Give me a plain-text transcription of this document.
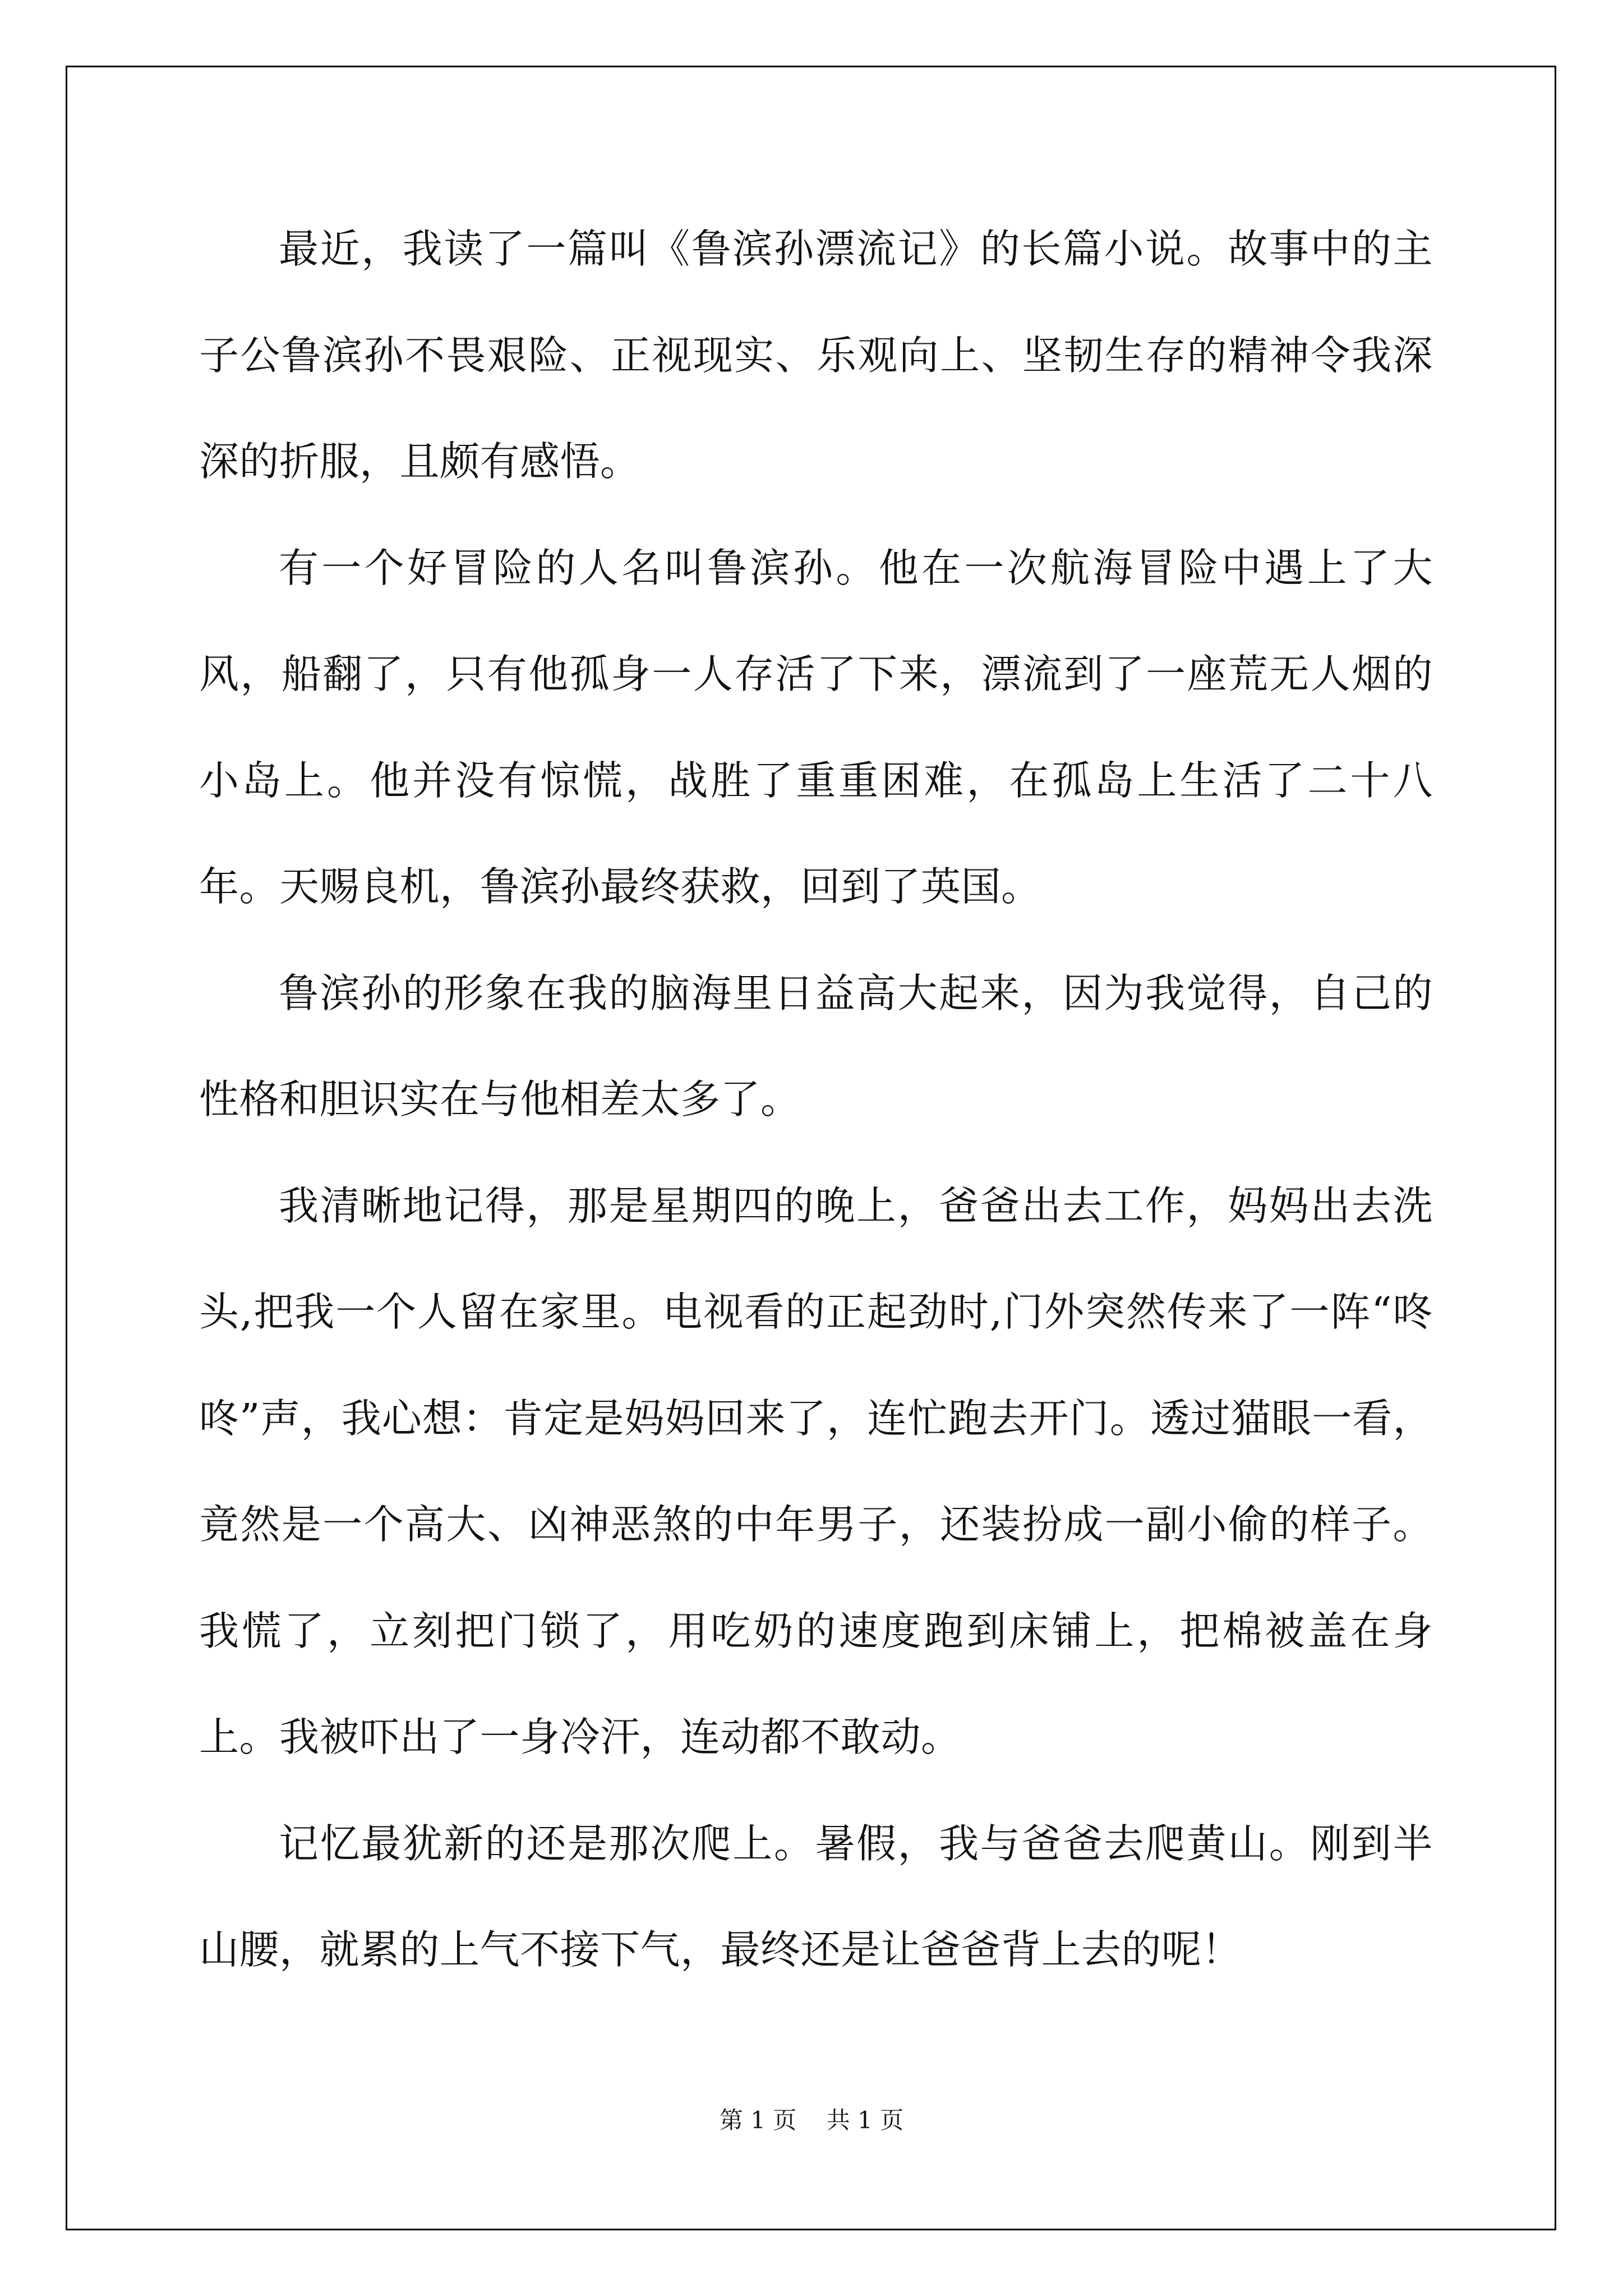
最近，我读了一篇叫《鲁滨孙漂流记》的长篇小说。故事中的主子公鲁滨孙不畏艰险、正视现实、乐观向上、坚韧生存的精神令我深深的折服，且颇有感悟。

有一个好冒险的人名叫鲁滨孙。他在一次航海冒险中遇上了大风，船翻了，只有他孤身一人存活了下来，漂流到了一座荒无人烟的小岛上。他并没有惊慌，战胜了重重困难，在孤岛上生活了二十八年。天赐良机，鲁滨孙最终获救，回到了英国。

鲁滨孙的形象在我的脑海里日益高大起来，因为我觉得，自己的性格和胆识实在与他相差太多了。

我清晰地记得，那是星期四的晚上，爸爸出去工作，妈妈出去洗头,把我一个人留在家里。电视看的正起劲时,门外突然传来了一阵“咚咚”声，我心想：肯定是妈妈回来了，连忙跑去开门。透过猫眼一看，竟然是一个高大、凶神恶煞的中年男子，还装扮成一副小偷的样子。我慌了，立刻把门锁了，用吃奶的速度跑到床铺上，把棉被盖在身上。我被吓出了一身冷汗，连动都不敢动。

记忆最犹新的还是那次爬上。暑假，我与爸爸去爬黄山。刚到半山腰，就累的上气不接下气，最终还是让爸爸背上去的呢！

第 1 页 共 1 页
